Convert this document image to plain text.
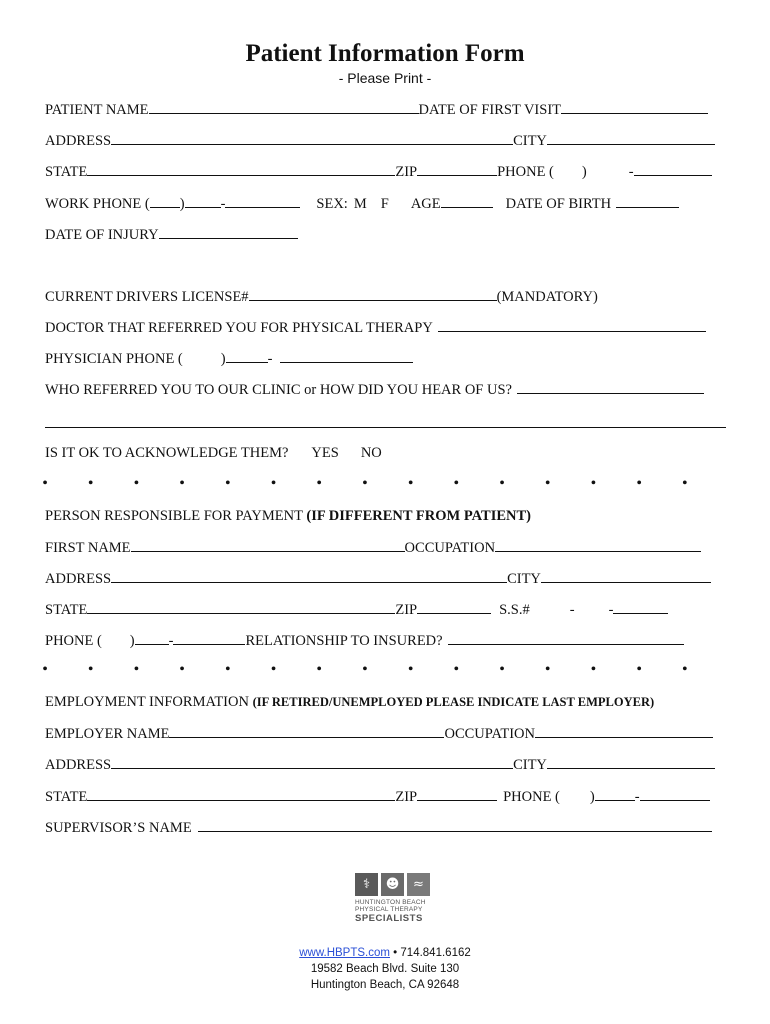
Patient Information Form
- Please Print -
PATIENT NAME	DATE OF FIRST VISIT
ADDRESS	CITY
STATE	ZIP	PHONE ( )	-
WORK PHONE ( ) -	SEX: M F AGE	DATE OF BIRTH
DATE OF INJURY
CURRENT DRIVERS LICENSE#	(MANDATORY)
DOCTOR THAT REFERRED YOU FOR PHYSICAL THERAPY
PHYSICIAN PHONE (	)	-
WHO REFERRED YOU TO OUR CLINIC or HOW DID YOU HEAR OF US?
IS IT OK TO ACKNOWLEDGE THEM? YES NO
•	•	•	•	•	•	•	•	•	•	•	•	•	•	•
PERSON RESPONSIBLE FOR PAYMENT (IF DIFFERENT FROM PATIENT)
FIRST NAME	OCCUPATION
ADDRESS	CITY
STATE	ZIP	S.S.#	- -
PHONE ( ) -	RELATIONSHIP TO INSURED?
•	•	•	•	•	•	•	•	•	•	•	•	•	•	•
EMPLOYMENT INFORMATION (IF RETIRED/UNEMPLOYED PLEASE INDICATE LAST EMPLOYER)
EMPLOYER NAME	OCCUPATION
ADDRESS	CITY
STATE	ZIP	PHONE ( )	-
SUPERVISOR’S NAME
⚕	☻	≈
HUNTINGTON BEACH
PHYSICAL THERAPY
SPECIALISTS
www.HBPTS.com • 714.841.6162
19582 Beach Blvd. Suite 130
Huntington Beach, CA 92648
